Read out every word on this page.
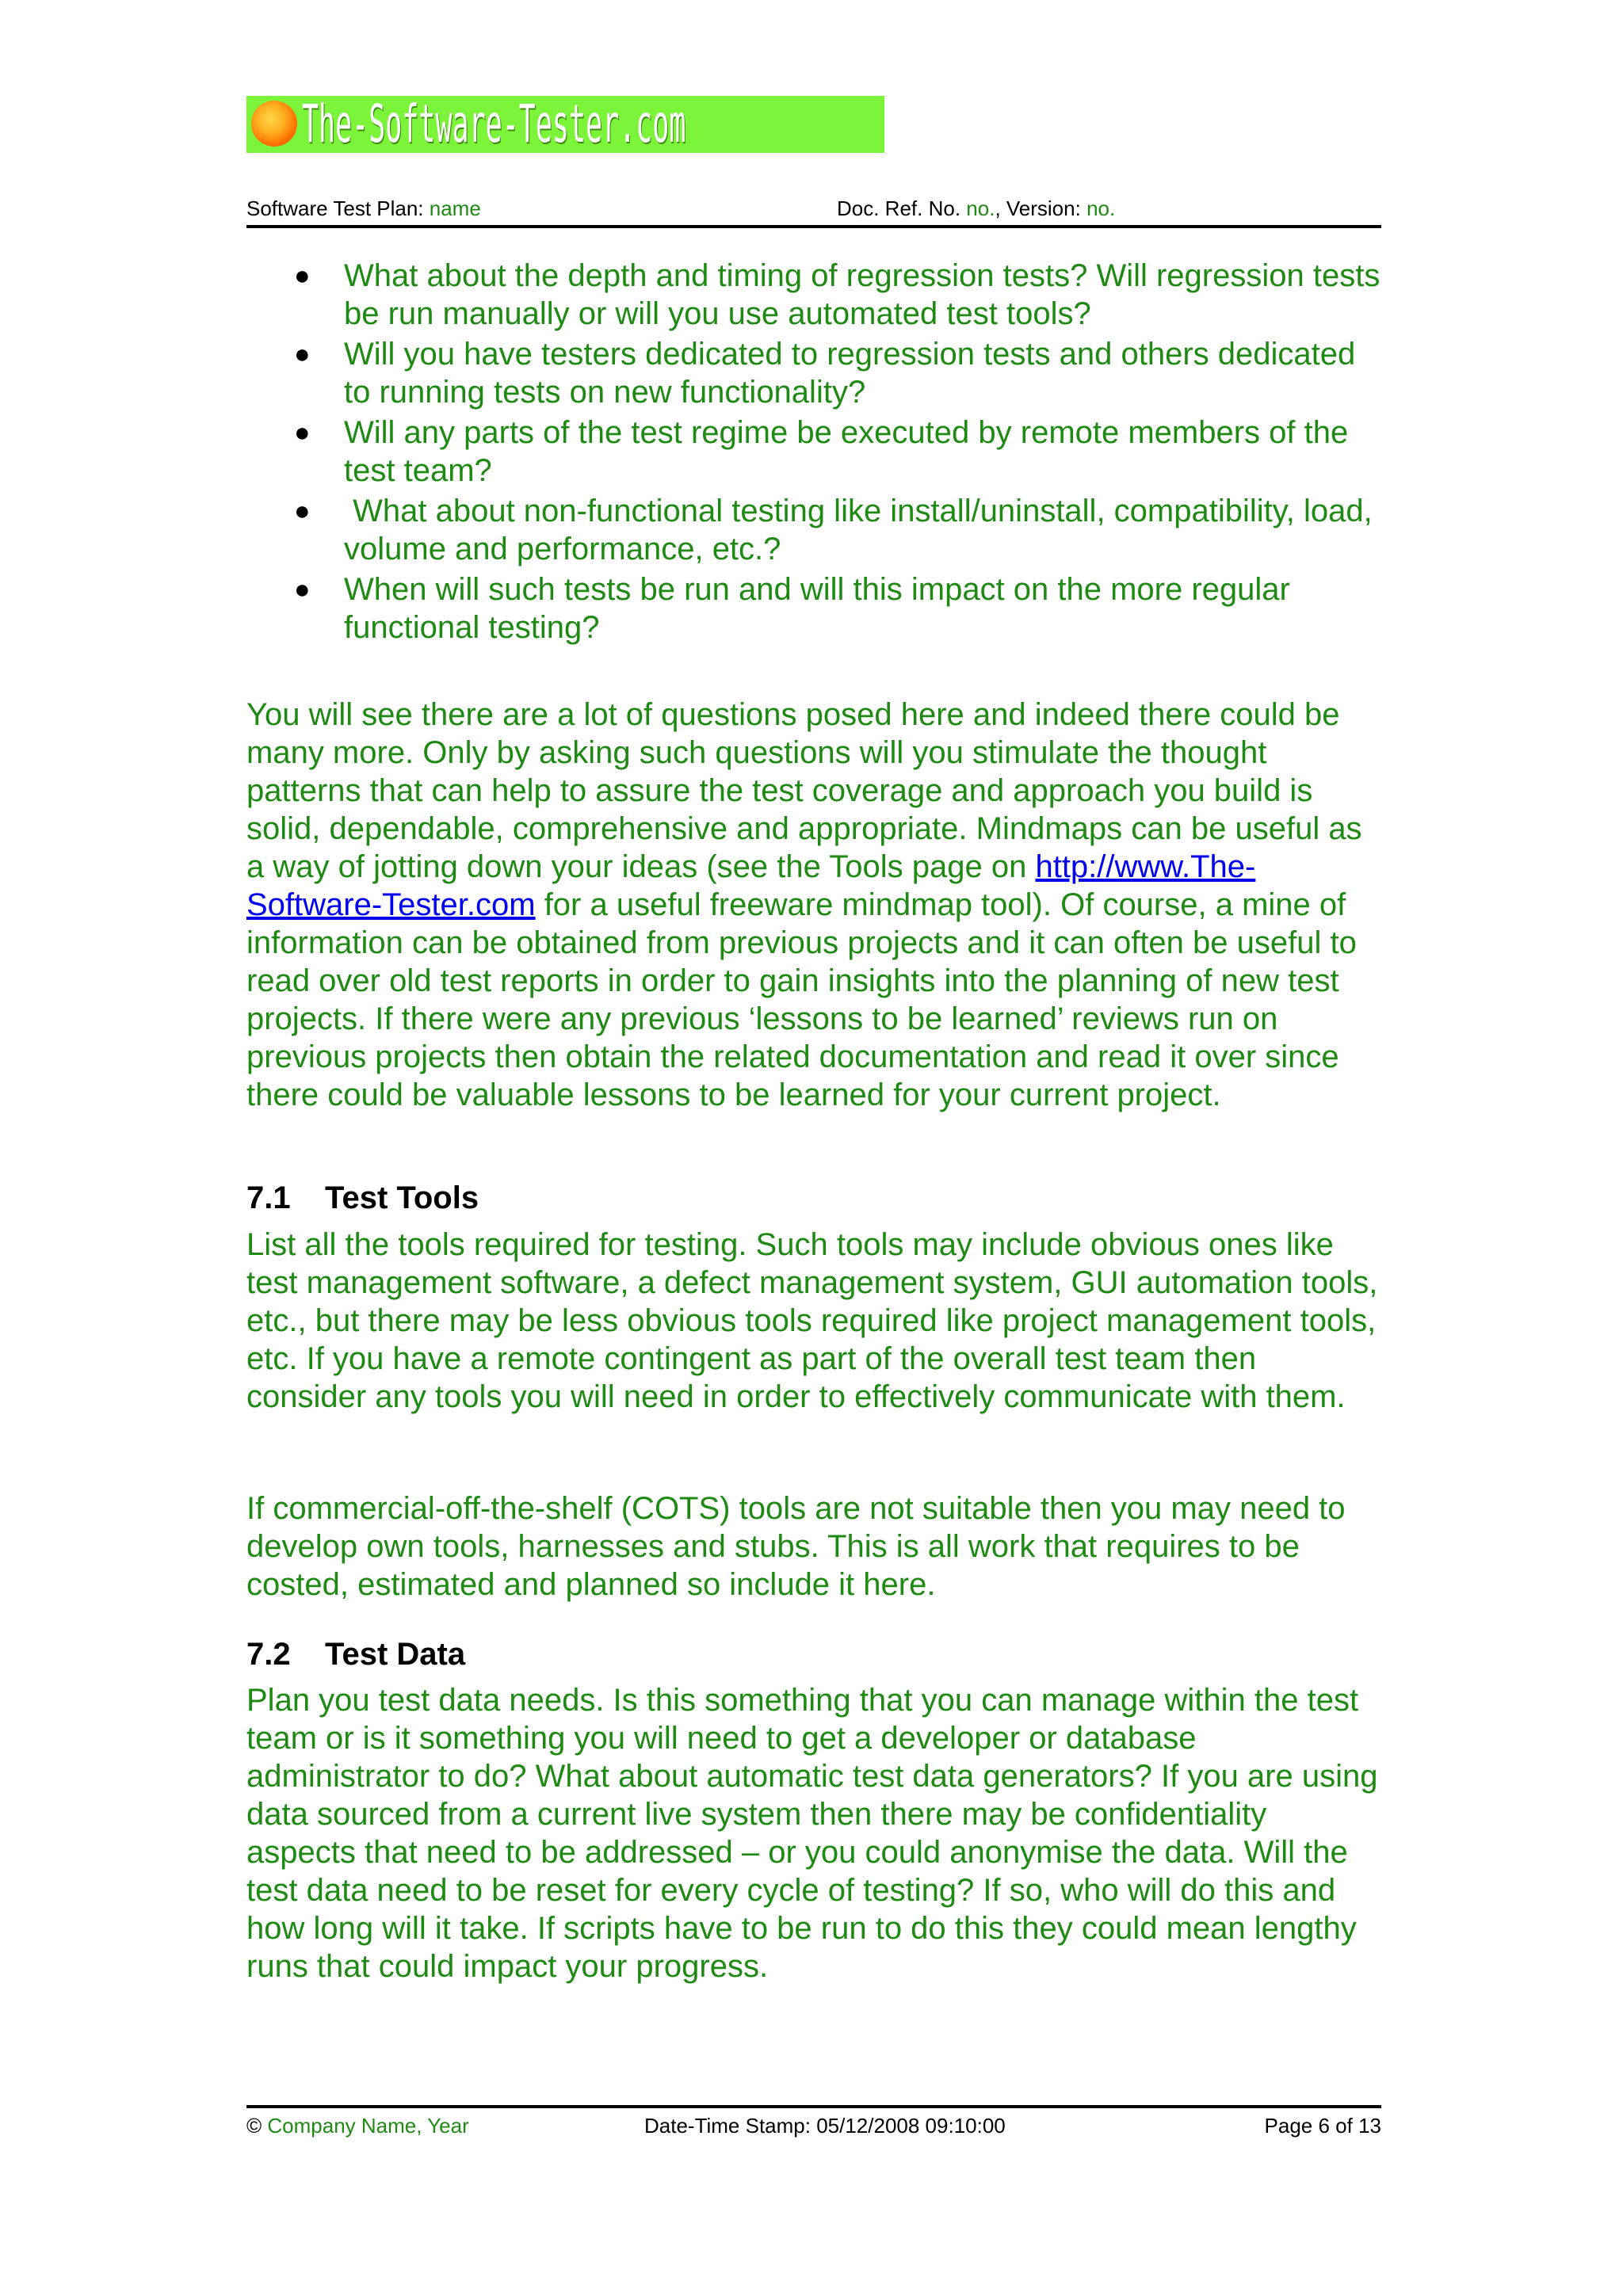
The-Software-Tester.com
Software Test Plan: name	Doc. Ref. No. no., Version: no.
● What about the depth and timing of regression tests? Will regression tests be run manually or will you use automated test tools?
● Will you have testers dedicated to regression tests and others dedicated to running tests on new functionality?
● Will any parts of the test regime be executed by remote members of the test team?
● What about non-functional testing like install/uninstall, compatibility, load, volume and performance, etc.?
● When will such tests be run and will this impact on the more regular functional testing?

You will see there are a lot of questions posed here and indeed there could be many more. Only by asking such questions will you stimulate the thought patterns that can help to assure the test coverage and approach you build is solid, dependable, comprehensive and appropriate. Mindmaps can be useful as a way of jotting down your ideas (see the Tools page on http://www.The-Software-Tester.com for a useful freeware mindmap tool). Of course, a mine of information can be obtained from previous projects and it can often be useful to read over old test reports in order to gain insights into the planning of new test projects. If there were any previous ‘lessons to be learned’ reviews run on previous projects then obtain the related documentation and read it over since there could be valuable lessons to be learned for your current project.

7.1 Test Tools

List all the tools required for testing. Such tools may include obvious ones like test management software, a defect management system, GUI automation tools, etc., but there may be less obvious tools required like project management tools, etc. If you have a remote contingent as part of the overall test team then consider any tools you will need in order to effectively communicate with them.

If commercial-off-the-shelf (COTS) tools are not suitable then you may need to develop own tools, harnesses and stubs. This is all work that requires to be costed, estimated and planned so include it here.

7.2 Test Data

Plan you test data needs. Is this something that you can manage within the test team or is it something you will need to get a developer or database administrator to do? What about automatic test data generators? If you are using data sourced from a current live system then there may be confidentiality aspects that need to be addressed – or you could anonymise the data. Will the test data need to be reset for every cycle of testing? If so, who will do this and how long will it take. If scripts have to be run to do this they could mean lengthy runs that could impact your progress.

© Company Name, Year	Date-Time Stamp: 05/12/2008 09:10:00	Page 6 of 13
